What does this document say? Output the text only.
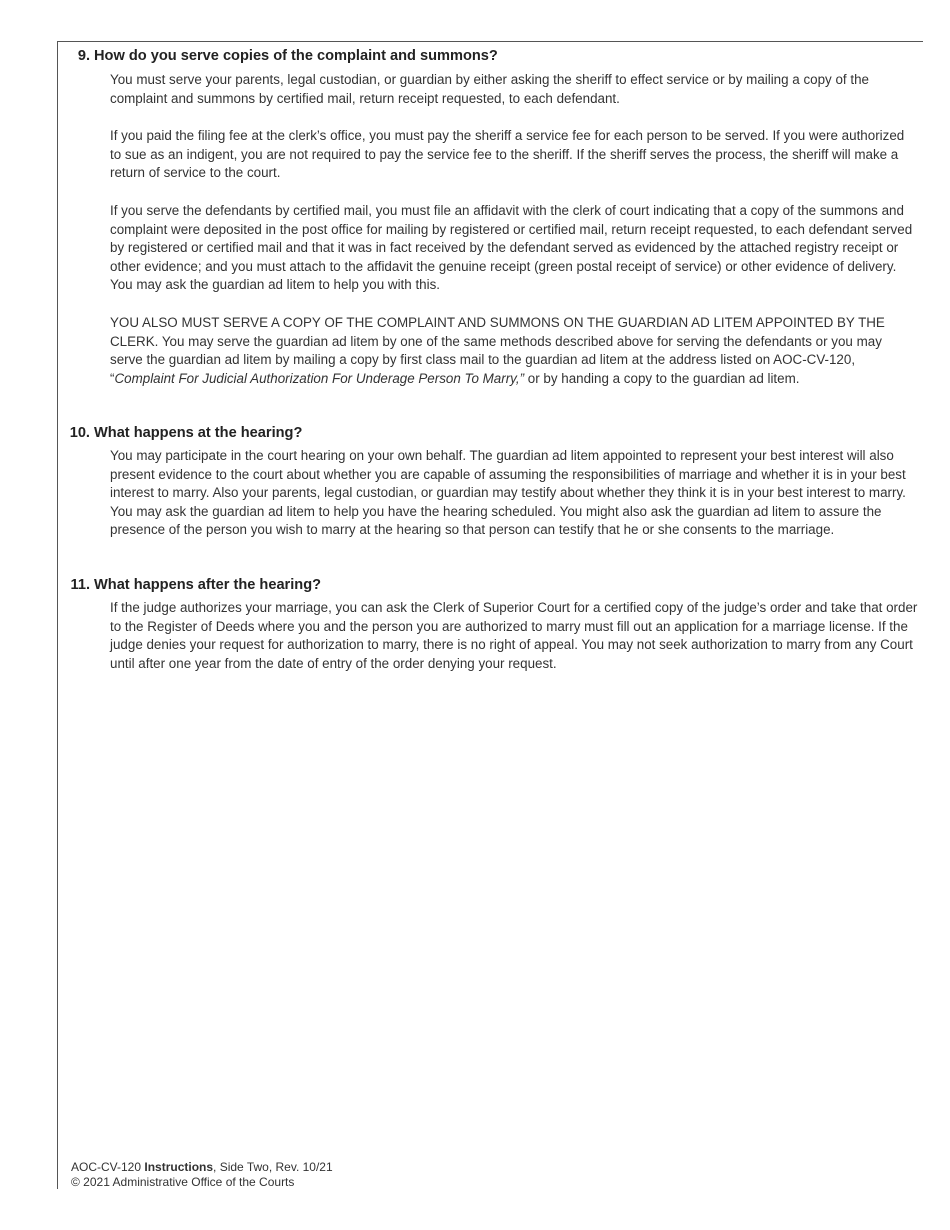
9. How do you serve copies of the complaint and summons?

You must serve your parents, legal custodian, or guardian by either asking the sheriff to effect service or by mailing a copy of the complaint and summons by certified mail, return receipt requested, to each defendant.

If you paid the filing fee at the clerk’s office, you must pay the sheriff a service fee for each person to be served. If you were authorized to sue as an indigent, you are not required to pay the service fee to the sheriff. If the sheriff serves the process, the sheriff will make a return of service to the court.

If you serve the defendants by certified mail, you must file an affidavit with the clerk of court indicating that a copy of the summons and complaint were deposited in the post office for mailing by registered or certified mail, return receipt requested, to each defendant served by registered or certified mail and that it was in fact received by the defendant served as evidenced by the attached registry receipt or other evidence; and you must attach to the affidavit the genuine receipt (green postal receipt of service) or other evidence of delivery. You may ask the guardian ad litem to help you with this.

YOU ALSO MUST SERVE A COPY OF THE COMPLAINT AND SUMMONS ON THE GUARDIAN AD LITEM APPOINTED BY THE CLERK. You may serve the guardian ad litem by one of the same methods described above for serving the defendants or you may serve the guardian ad litem by mailing a copy by first class mail to the guardian ad litem at the address listed on AOC-CV-120, “Complaint For Judicial Authorization For Underage Person To Marry,” or by handing a copy to the guardian ad litem.

10. What happens at the hearing?

You may participate in the court hearing on your own behalf. The guardian ad litem appointed to represent your best interest will also present evidence to the court about whether you are capable of assuming the responsibilities of marriage and whether it is in your best interest to marry. Also your parents, legal custodian, or guardian may testify about whether they think it is in your best interest to marry. You may ask the guardian ad litem to help you have the hearing scheduled. You might also ask the guardian ad litem to assure the presence of the person you wish to marry at the hearing so that person can testify that he or she consents to the marriage.

11. What happens after the hearing?

If the judge authorizes your marriage, you can ask the Clerk of Superior Court for a certified copy of the judge’s order and take that order to the Register of Deeds where you and the person you are authorized to marry must fill out an application for a marriage license. If the judge denies your request for authorization to marry, there is no right of appeal. You may not seek authorization to marry from any Court until after one year from the date of entry of the order denying your request.

AOC-CV-120 Instructions, Side Two, Rev. 10/21
© 2021 Administrative Office of the Courts
